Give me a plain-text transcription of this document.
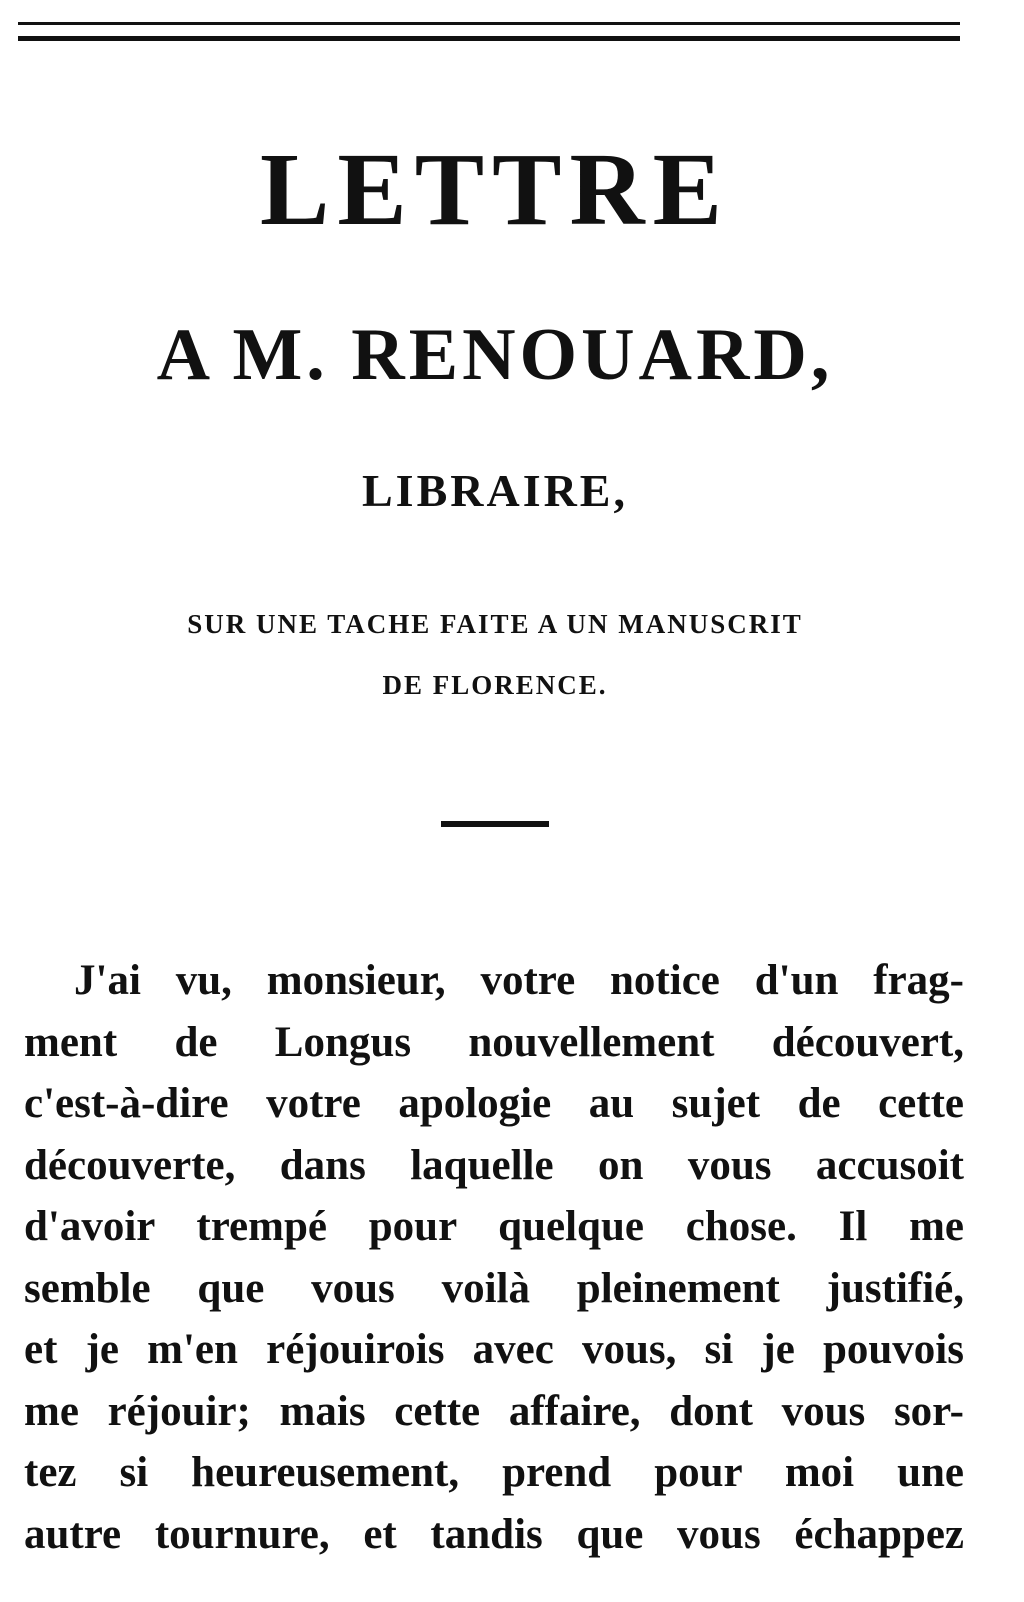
LETTRE
A M. RENOUARD,
LIBRAIRE,
SUR UNE TACHE FAITE A UN MANUSCRIT
DE FLORENCE.
J'ai vu, monsieur, votre notice d'un frag-
ment de Longus nouvellement découvert,
c'est-à-dire votre apologie au sujet de cette
découverte, dans laquelle on vous accusoit
d'avoir trempé pour quelque chose. Il me
semble que vous voilà pleinement justifié,
et je m'en réjouirois avec vous, si je pouvois
me réjouir; mais cette affaire, dont vous sor-
tez si heureusement, prend pour moi une
autre tournure, et tandis que vous échappez
